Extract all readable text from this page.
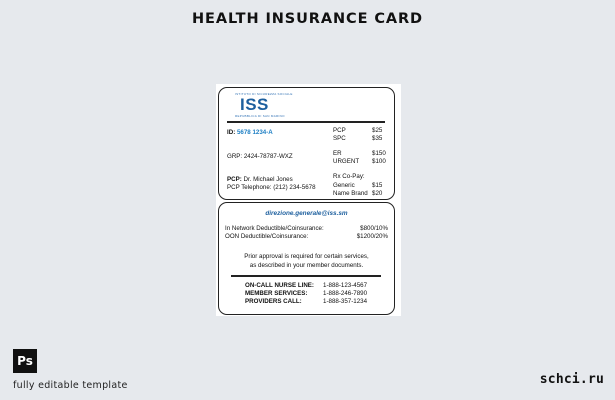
HEALTH INSURANCE CARD
ISTITUTO DI SICUREZZA SOCIALE
ISS
REPUBBLICA DI SAN MARINO
ID: 5678 1234-A
GRP: 2424-78787-WXZ
PCP: Dr. Michael Jones
PCP Telephone: (212) 234-5678
PCP	$25
SPC	$35
ER	$150
URGENT $100
Rx Co-Pay:
Generic	$15
Name Brand $20
direzione.generale@iss.sm
In Network Deductible/Coinsurance:	$800/10%
OON Deductible/Coinsurance:	$1200/20%
Prior approval is required for certain services,
as described in your member documents.
ON-CALL NURSE LINE: 1-888-123-4567
MEMBER SERVICES:	1-888-246-7890
PROVIDERS CALL:	1-888-357-1234
Ps
fully editable template	schci.ru
